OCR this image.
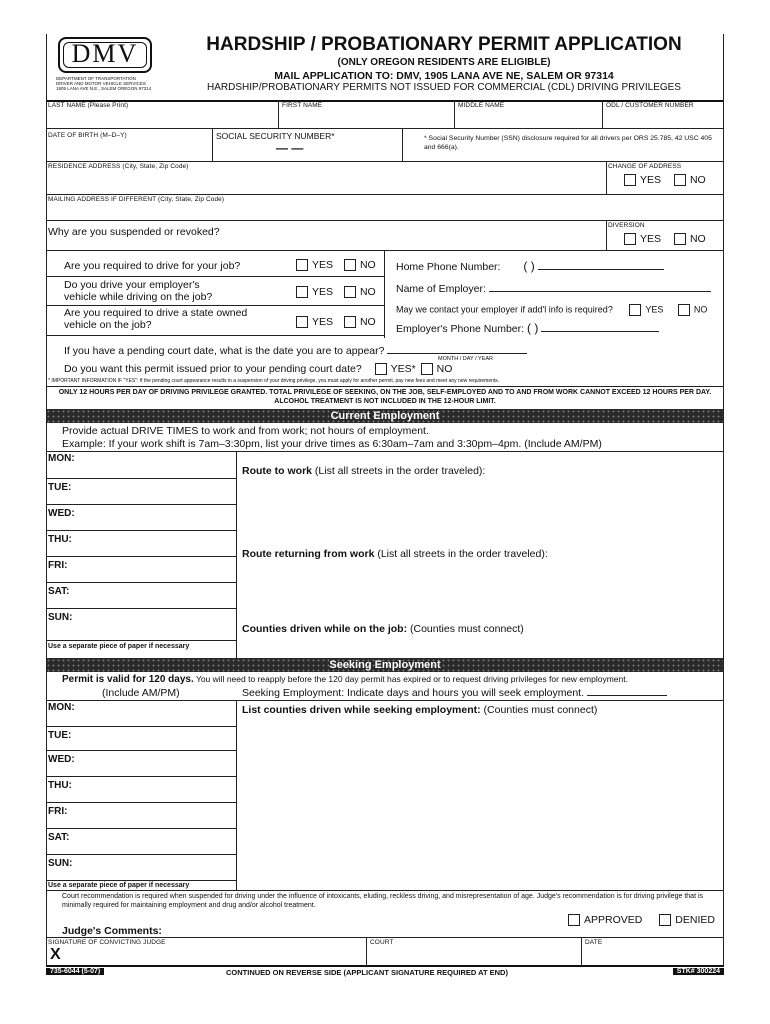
DMV
DEPARTMENT OF TRANSPORTATION
DRIVER AND MOTOR VEHICLE SERVICES
1905 LANA AVE N.E., SALEM OREGON 97314
HARDSHIP / PROBATIONARY PERMIT APPLICATION
(ONLY OREGON RESIDENTS ARE ELIGIBLE)
MAIL APPLICATION TO: DMV, 1905 LANA AVE NE, SALEM OR 97314
HARDSHIP/PROBATIONARY PERMITS NOT ISSUED FOR COMMERCIAL (CDL) DRIVING PRIVILEGES
LAST NAME (Please Print)	FIRST NAME	MIDDLE NAME	ODL / CUSTOMER NUMBER
DATE OF BIRTH (M–D–Y)	SOCIAL SECURITY NUMBER*
— —
* Social Security Number (SSN) disclosure required for all drivers per ORS 25.785, 42 USC 405 and 666(a).
RESIDENCE ADDRESS (City, State, Zip Code)	CHANGE OF ADDRESS
YES	NO
MAILING ADDRESS IF DIFFERENT (City, State, Zip Code)
Why are you suspended or revoked?
DIVERSION
YES	NO
Are you required to drive for your job?	YES	NO
Do you drive your employer's
vehicle while driving on the job?	YES	NO
Are you required to drive a state owned
vehicle on the job?	YES	NO
Home Phone Number: ( )
Name of Employer:
May we contact your employer if add'l info is required?	YES	NO
Employer's Phone Number: ( )
If you have a pending court date, what is the date you are to appear?
MONTH / DAY / YEAR
Do you want this permit issued prior to your pending court date?	YES* NO
* IMPORTANT INFORMATION IF "YES": If the pending court appearance results in a suspension of your driving privilege, you must apply for another permit, pay new fees and meet any new requirements.
ONLY 12 HOURS PER DAY OF DRIVING PRIVILEGE GRANTED. TOTAL PRIVILEGE OF SEEKING, ON THE JOB, SELF-EMPLOYED AND TO AND FROM WORK CANNOT EXCEED 12 HOURS PER DAY. ALCOHOL TREATMENT IS NOT INCLUDED IN THE 12-HOUR LIMIT.
Current Employment
Provide actual DRIVE TIMES to work and from work; not hours of employment.
Example: If your work shift is 7am–3:30pm, list your drive times as 6:30am–7am and 3:30pm–4pm. (Include AM/PM)
MON:
TUE:
WED:
THU:
FRI:
SAT:
SUN:
Use a separate piece of paper if necessary
Route to work (List all streets in the order traveled):
Route returning from work (List all streets in the order traveled):
Counties driven while on the job: (Counties must connect)
Seeking Employment
Permit is valid for 120 days. You will need to reapply before the 120 day permit has expired or to request driving privileges for new employment.
(Include AM/PM)	Seeking Employment: Indicate days and hours you will seek employment.
MON:
TUE:
WED:
THU:
FRI:
SAT:
SUN:
Use a separate piece of paper if necessary
List counties driven while seeking employment: (Counties must connect)
Court recommendation is required when suspended for driving under the influence of intoxicants, eluding, reckless driving, and misrepresentation of age. Judge's recommendation is for driving privilege that is minimally required for maintaining employment and drug and/or alcohol treatment.
APPROVED	DENIED
Judge's Comments:
SIGNATURE OF CONVICTING JUDGE
X
COURT	DATE
735-6044 (5-07)	CONTINUED ON REVERSE SIDE (APPLICANT SIGNATURE REQUIRED AT END)	STK# 300224
